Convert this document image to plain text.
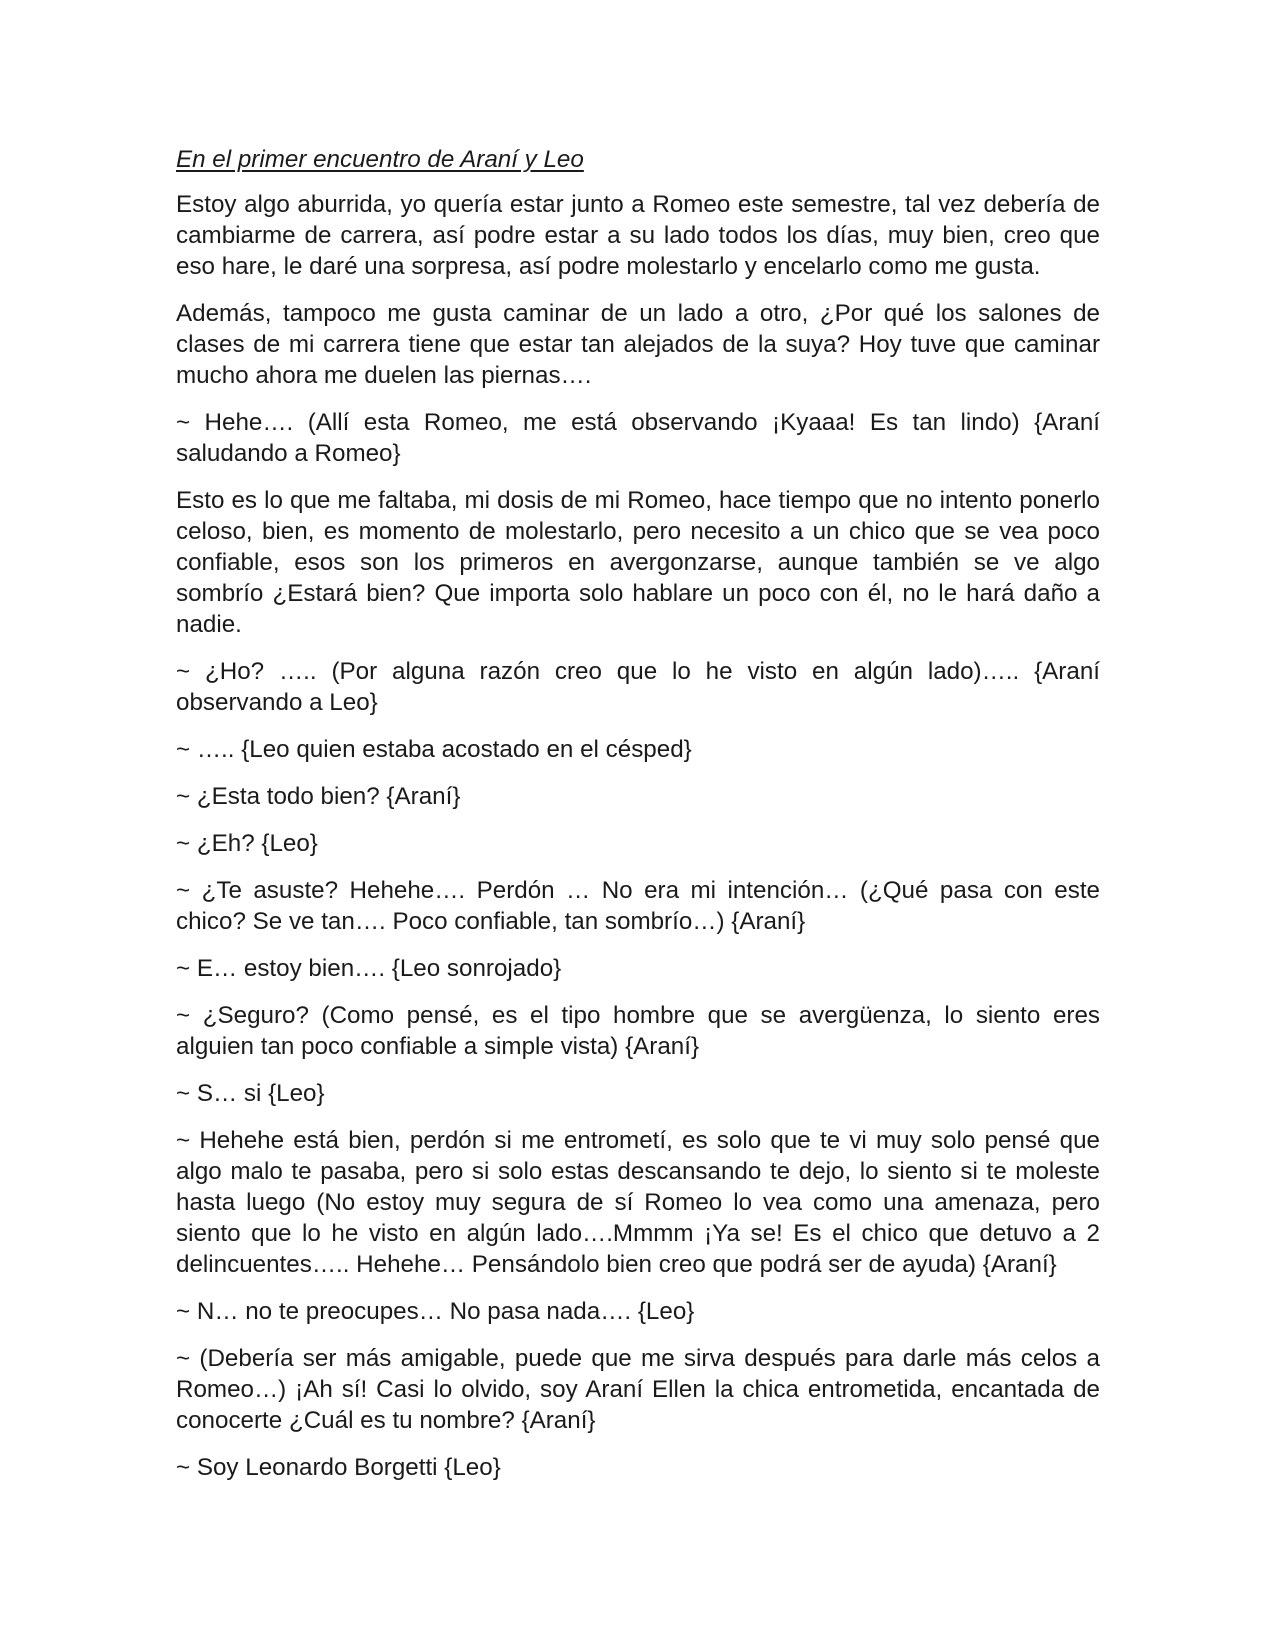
En el primer encuentro de Araní y Leo

Estoy algo aburrida, yo quería estar junto a Romeo este semestre, tal vez debería de cambiarme de carrera, así podre estar a su lado todos los días, muy bien, creo que eso hare, le daré una sorpresa, así podre molestarlo y encelarlo como me gusta.

Además, tampoco me gusta caminar de un lado a otro, ¿Por qué los salones de clases de mi carrera tiene que estar tan alejados de la suya? Hoy tuve que caminar mucho ahora me duelen las piernas….

~ Hehe…. (Allí esta Romeo, me está observando ¡Kyaaa! Es tan lindo) {Araní saludando a Romeo}

Esto es lo que me faltaba, mi dosis de mi Romeo, hace tiempo que no intento ponerlo celoso, bien, es momento de molestarlo, pero necesito a un chico que se vea poco confiable, esos son los primeros en avergonzarse, aunque también se ve algo sombrío ¿Estará bien? Que importa solo hablare un poco con él, no le hará daño a nadie.

~ ¿Ho? ….. (Por alguna razón creo que lo he visto en algún lado)….. {Araní observando a Leo}

~ ….. {Leo quien estaba acostado en el césped}

~ ¿Esta todo bien? {Araní}

~ ¿Eh? {Leo}

~ ¿Te asuste? Hehehe…. Perdón … No era mi intención… (¿Qué pasa con este chico? Se ve tan…. Poco confiable, tan sombrío…) {Araní}

~ E… estoy bien…. {Leo sonrojado}

~ ¿Seguro? (Como pensé, es el tipo hombre que se avergüenza, lo siento eres alguien tan poco confiable a simple vista) {Araní}

~ S… si {Leo}

~ Hehehe está bien, perdón si me entrometí, es solo que te vi muy solo pensé que algo malo te pasaba, pero si solo estas descansando te dejo, lo siento si te moleste hasta luego (No estoy muy segura de sí Romeo lo vea como una amenaza, pero siento que lo he visto en algún lado….Mmmm ¡Ya se! Es el chico que detuvo a 2 delincuentes….. Hehehe… Pensándolo bien creo que podrá ser de ayuda) {Araní}

~ N… no te preocupes… No pasa nada…. {Leo}

~ (Debería ser más amigable, puede que me sirva después para darle más celos a Romeo…) ¡Ah sí! Casi lo olvido, soy Araní Ellen la chica entrometida, encantada de conocerte ¿Cuál es tu nombre? {Araní}

~ Soy Leonardo Borgetti {Leo}
